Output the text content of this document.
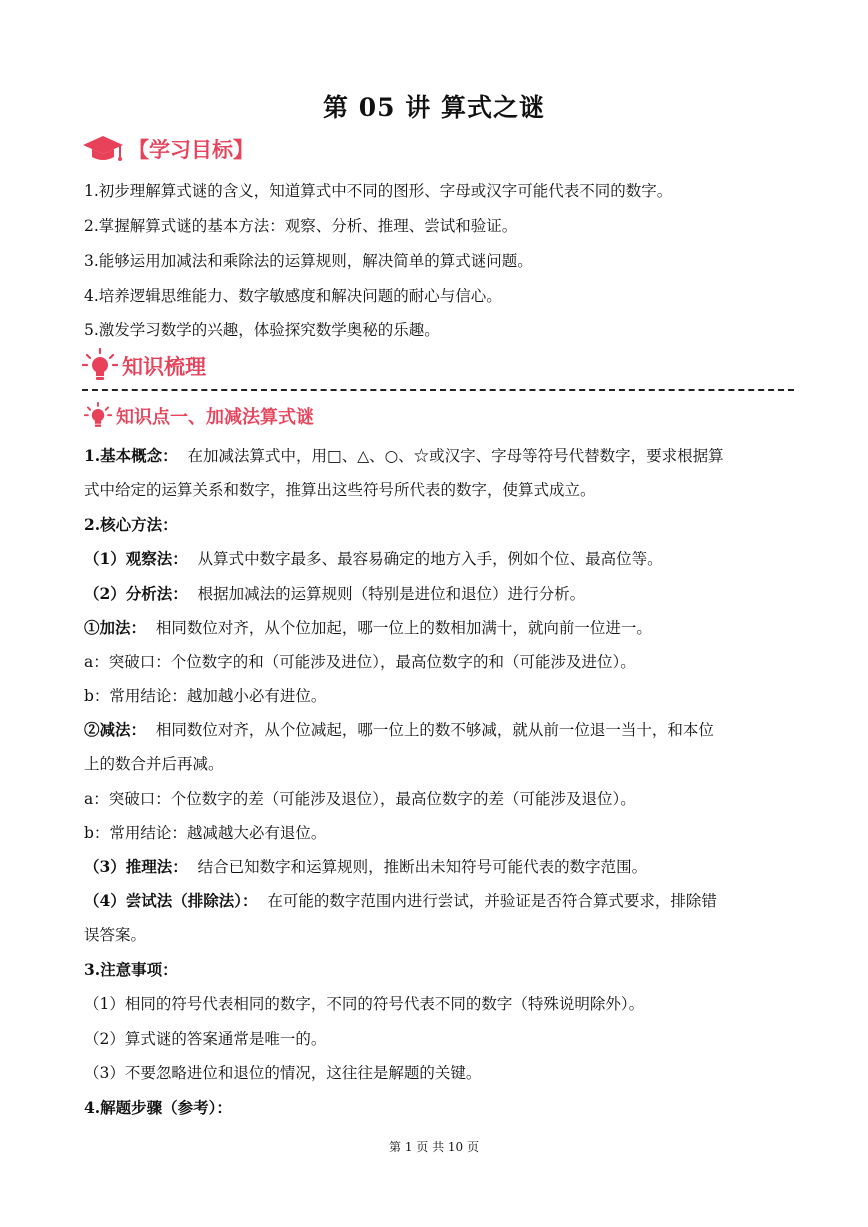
第 05 讲 算式之谜
【学习目标】
1.初步理解算式谜的含义，知道算式中不同的图形、字母或汉字可能代表不同的数字。
2.掌握解算式谜的基本方法：观察、分析、推理、尝试和验证。
3.能够运用加减法和乘除法的运算规则，解决简单的算式谜问题。
4.培养逻辑思维能力、数字敏感度和解决问题的耐心与信心。
5.激发学习数学的兴趣，体验探究数学奥秘的乐趣。
知识梳理
知识点一、加减法算式谜
1.基本概念： 在加减法算式中，用□、△、○、☆或汉字、字母等符号代替数字，要求根据算
式中给定的运算关系和数字，推算出这些符号所代表的数字，使算式成立。
2.核心方法：
（1）观察法： 从算式中数字最多、最容易确定的地方入手，例如个位、最高位等。
（2）分析法： 根据加减法的运算规则（特别是进位和退位）进行分析。
①加法： 相同数位对齐，从个位加起，哪一位上的数相加满十，就向前一位进一。
a：突破口：个位数字的和（可能涉及进位），最高位数字的和（可能涉及进位）。
b：常用结论：越加越小必有进位。
②减法： 相同数位对齐，从个位减起，哪一位上的数不够减，就从前一位退一当十，和本位
上的数合并后再减。
a：突破口：个位数字的差（可能涉及退位），最高位数字的差（可能涉及退位）。
b：常用结论：越减越大必有退位。
（3）推理法： 结合已知数字和运算规则，推断出未知符号可能代表的数字范围。
（4）尝试法（排除法）： 在可能的数字范围内进行尝试，并验证是否符合算式要求，排除错
误答案。
3.注意事项：
（1）相同的符号代表相同的数字，不同的符号代表不同的数字（特殊说明除外）。
（2）算式谜的答案通常是唯一的。
（3）不要忽略进位和退位的情况，这往往是解题的关键。
4.解题步骤（参考）：
第 1 页 共 10 页
